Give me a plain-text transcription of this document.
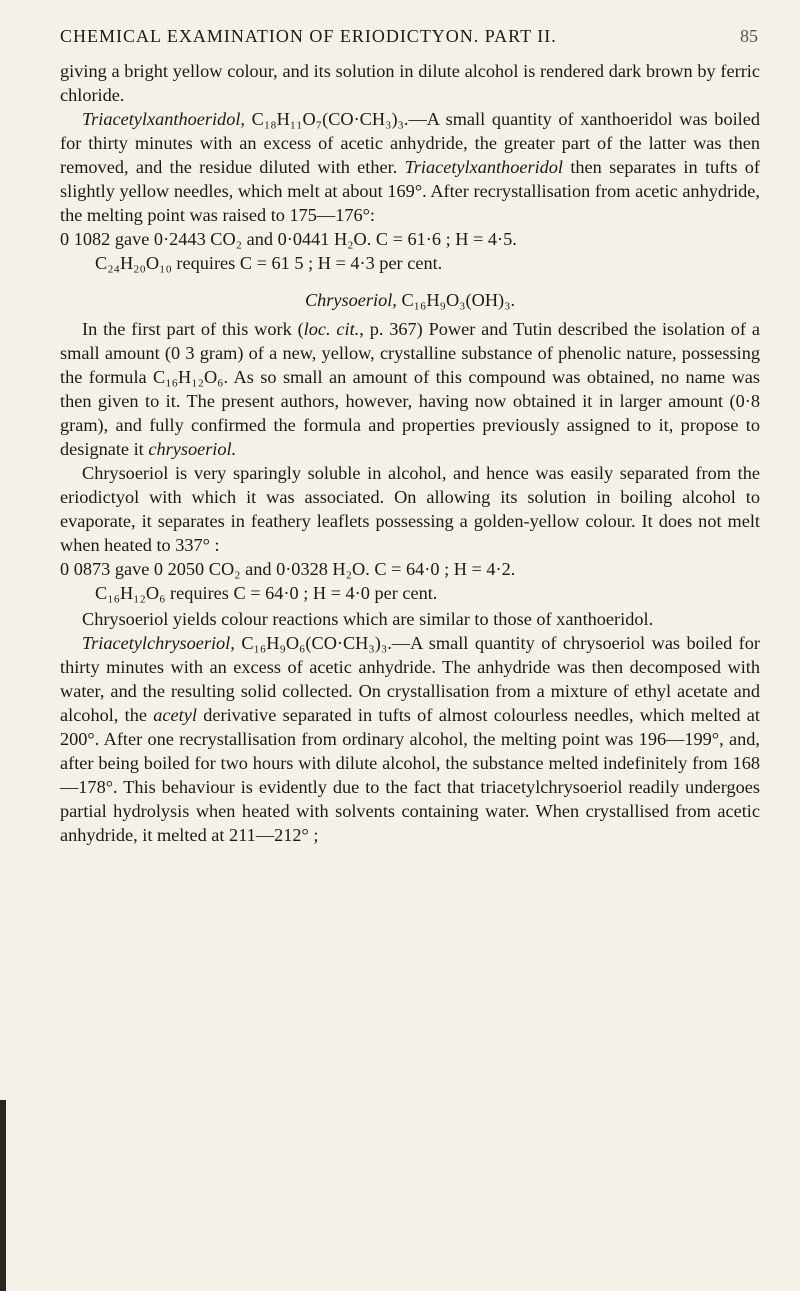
CHEMICAL EXAMINATION OF ERIODICTYON. PART II.	85

giving a bright yellow colour, and its solution in dilute alcohol is rendered dark brown by ferric chloride.

Triacetylxanthoeridol, C₁₈H₁₁O₇(CO·CH₃)₃.—A small quantity of xanthoeridol was boiled for thirty minutes with an excess of acetic anhydride, the greater part of the latter was then removed, and the residue diluted with ether. Triacetylxanthoeridol then separates in tufts of slightly yellow needles, which melt at about 169°. After recrystallisation from acetic anhydride, the melting point was raised to 175—176°:

0 1082 gave 0·2443 CO₂ and 0·0441 H₂O. C = 61·6 ; H = 4·5.

C₂₄H₂₀O₁₀ requires C = 61 5 ; H = 4·3 per cent.

Chrysoeriol, C₁₆H₉O₃(OH)₃.

In the first part of this work (loc. cit., p. 367) Power and Tutin described the isolation of a small amount (0 3 gram) of a new, yellow, crystalline substance of phenolic nature, possessing the formula C₁₆H₁₂O₆. As so small an amount of this compound was obtained, no name was then given to it. The present authors, however, having now obtained it in larger amount (0·8 gram), and fully confirmed the formula and properties previously assigned to it, propose to designate it chrysoeriol.

Chrysoeriol is very sparingly soluble in alcohol, and hence was easily separated from the eriodictyol with which it was associated. On allowing its solution in boiling alcohol to evaporate, it separates in feathery leaflets possessing a golden-yellow colour. It does not melt when heated to 337° :

0 0873 gave 0 2050 CO₂ and 0·0328 H₂O. C = 64·0 ; H = 4·2.

C₁₆H₁₂O₆ requires C = 64·0 ; H = 4·0 per cent.

Chrysoeriol yields colour reactions which are similar to those of xanthoeridol.

Triacetylchrysoeriol, C₁₆H₉O₆(CO·CH₃)₃.—A small quantity of chrysoeriol was boiled for thirty minutes with an excess of acetic anhydride. The anhydride was then decomposed with water, and the resulting solid collected. On crystallisation from a mixture of ethyl acetate and alcohol, the acetyl derivative separated in tufts of almost colourless needles, which melted at 200°. After one recrystallisation from ordinary alcohol, the melting point was 196—199°, and, after being boiled for two hours with dilute alcohol, the substance melted indefinitely from 168—178°. This behaviour is evidently due to the fact that triacetylchrysoeriol readily undergoes partial hydrolysis when heated with solvents containing water. When crystallised from acetic anhydride, it melted at 211—212° ;
